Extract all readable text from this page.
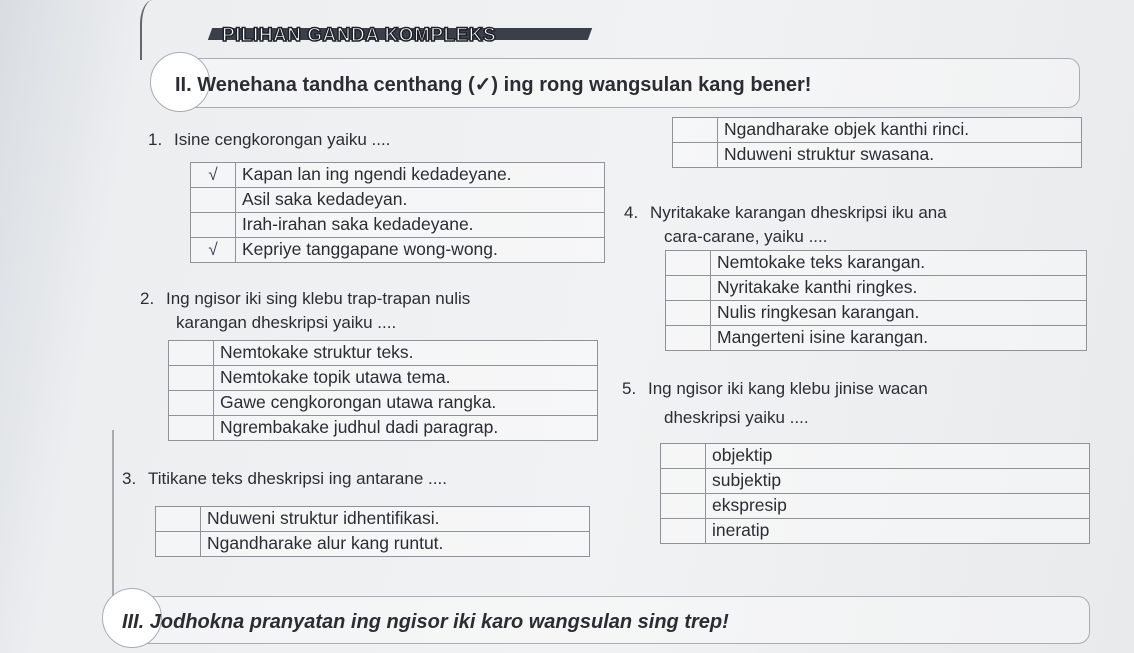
PILIHAN GANDA KOMPLEKS
II. Wenehana tandha centhang (✓) ing rong wangsulan kang bener!
1. Isine cengkorongan yaiku ....
√	Kapan lan ing ngendi kedadeyane.
	Asil saka kedadeyan.
	Irah-irahan saka kedadeyane.
√	Kepriye tanggapane wong-wong.
2. Ing ngisor iki sing klebu trap-trapan nulis
karangan dheskripsi yaiku ....
	Nemtokake struktur teks.
	Nemtokake topik utawa tema.
	Gawe cengkorongan utawa rangka.
	Ngrembakake judhul dadi paragrap.
3. Titikane teks dheskripsi ing antarane ....
	Nduweni struktur idhentifikasi.
	Ngandharake alur kang runtut.
	Ngandharake objek kanthi rinci.
	Nduweni struktur swasana.
4. Nyritakake karangan dheskripsi iku ana
cara-carane, yaiku ....
	Nemtokake teks karangan.
	Nyritakake kanthi ringkes.
	Nulis ringkesan karangan.
	Mangerteni isine karangan.
5. Ing ngisor iki kang klebu jinise wacan
dheskripsi yaiku ....
	objektip
	subjektip
	ekspresip
	ineratip
III. Jodhokna pranyatan ing ngisor iki karo wangsulan sing trep!
